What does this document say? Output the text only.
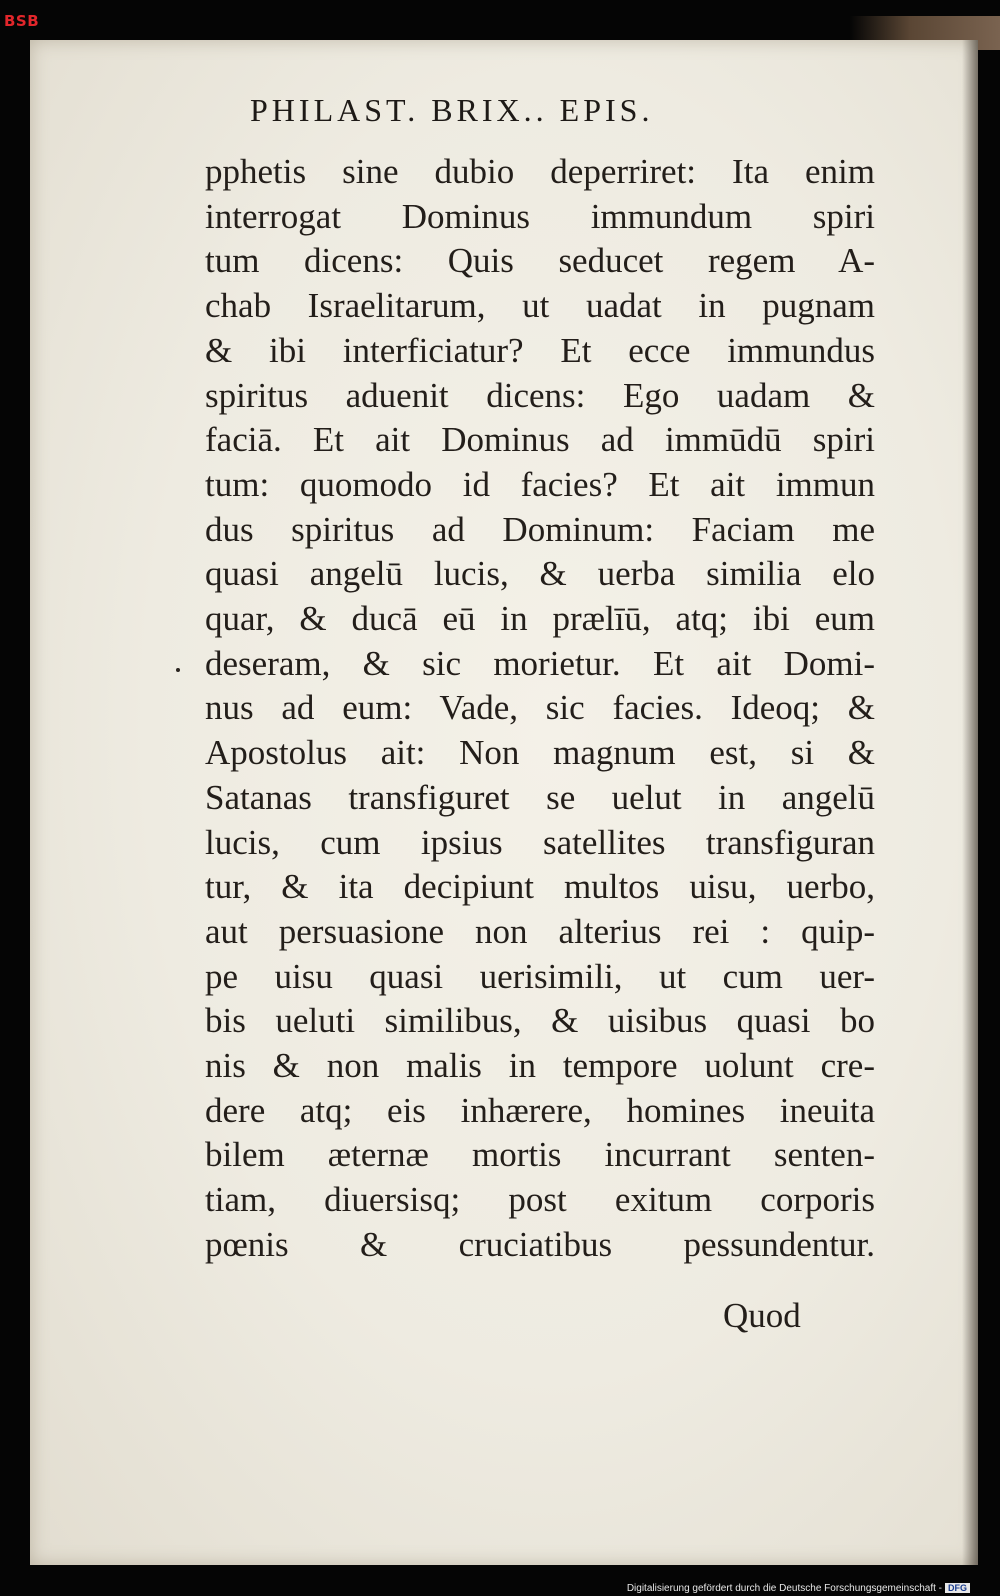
BSB
PHILAST. BRIX.. EPIS.
pphetis sine dubio deperriret: Ita enim
interrogat Dominus immundum spiri
tum dicens: Quis seducet regem A-
chab Israelitarum, ut uadat in pugnam
& ibi interficiatur? Et ecce immundus
spiritus aduenit dicens: Ego uadam &
faciā. Et ait Dominus ad immūdū spiri
tum: quomodo id facies? Et ait immun
dus spiritus ad Dominum: Faciam me
quasi angelū lucis, & uerba similia elo
quar, & ducā eū in prælīū, atq; ibi eum
deseram, & sic morietur. Et ait Domi-
nus ad eum: Vade, sic facies. Ideoq; &
Apostolus ait: Non magnum est, si &
Satanas transfiguret se uelut in angelū
lucis, cum ipsius satellites transfiguran
tur, & ita decipiunt multos uisu, uerbo,
aut persuasione non alterius rei : quip-
pe uisu quasi uerisimili, ut cum uer-
bis ueluti similibus, & uisibus quasi bo
nis & non malis in tempore uolunt cre-
dere atq; eis inhærere, homines ineuita
bilem æternæ mortis incurrant senten-
tiam, diuersisq; post exitum corporis
pœnis & cruciatibus pessundentur.
Quod
Digitalisierung gefördert durch die Deutsche Forschungsgemeinschaft - DFG
